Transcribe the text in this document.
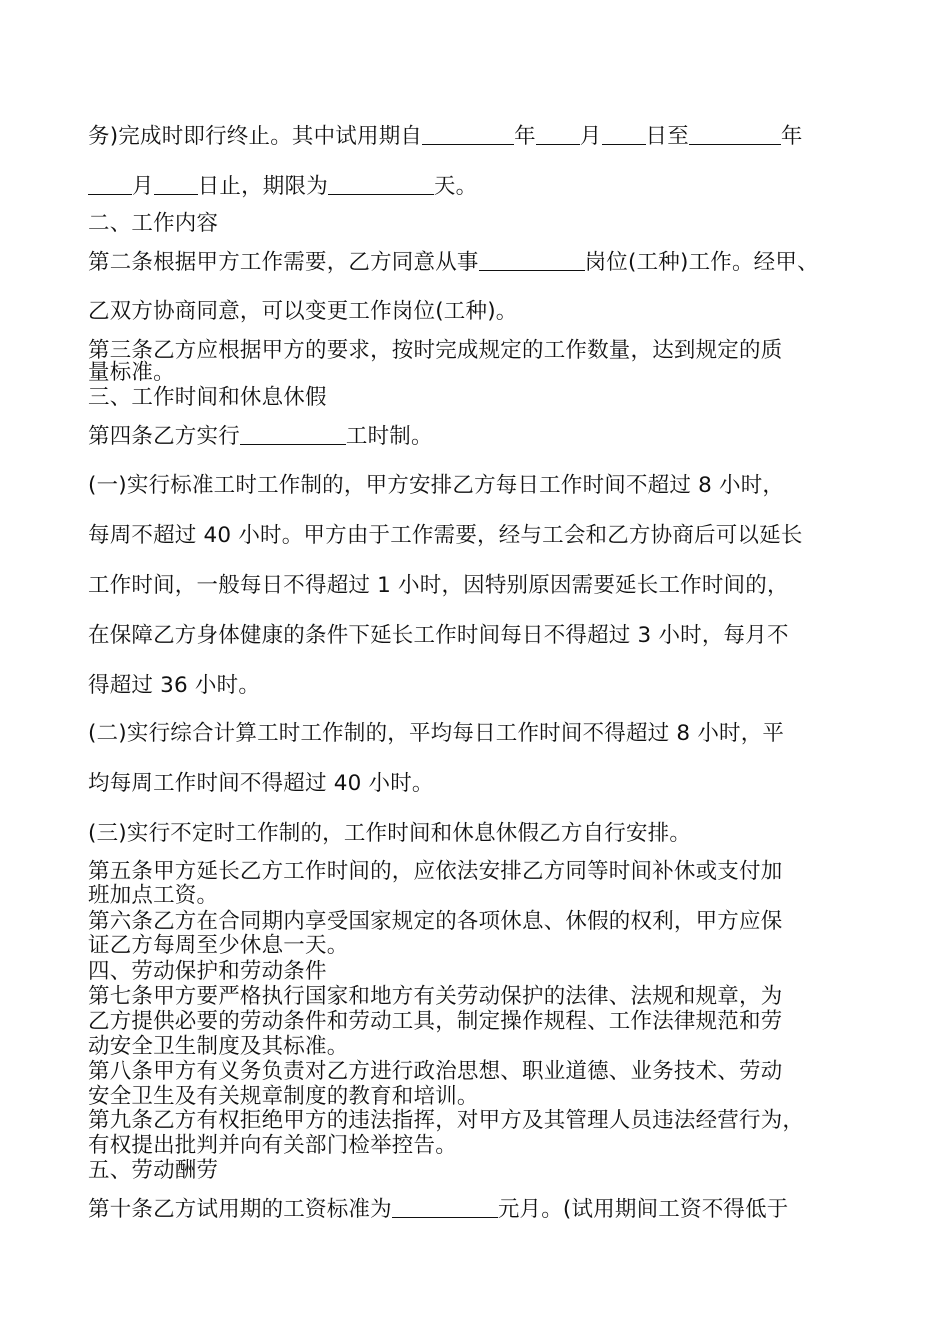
务)完成时即行终止。其中试用期自	年 月 日至	年
月 日止，期限为	天。
二、工作内容
第二条根据甲方工作需要，乙方同意从事	岗位(工种)工作。经甲、
乙双方协商同意，可以变更工作岗位(工种)。
第三条乙方应根据甲方的要求，按时完成规定的工作数量，达到规定的质
量标准。
三、工作时间和休息休假
第四条乙方实行	工时制。
(一)实行标准工时工作制的，甲方安排乙方每日工作时间不超过 8 小时，
每周不超过 40 小时。甲方由于工作需要，经与工会和乙方协商后可以延长
工作时间，一般每日不得超过 1 小时，因特别原因需要延长工作时间的，
在保障乙方身体健康的条件下延长工作时间每日不得超过 3 小时，每月不
得超过 36 小时。
(二)实行综合计算工时工作制的，平均每日工作时间不得超过 8 小时，平
均每周工作时间不得超过 40 小时。
(三)实行不定时工作制的，工作时间和休息休假乙方自行安排。
第五条甲方延长乙方工作时间的，应依法安排乙方同等时间补休或支付加
班加点工资。
第六条乙方在合同期内享受国家规定的各项休息、休假的权利，甲方应保
证乙方每周至少休息一天。
四、劳动保护和劳动条件
第七条甲方要严格执行国家和地方有关劳动保护的法律、法规和规章，为
乙方提供必要的劳动条件和劳动工具，制定操作规程、工作法律规范和劳
动安全卫生制度及其标准。
第八条甲方有义务负责对乙方进行政治思想、职业道德、业务技术、劳动
安全卫生及有关规章制度的教育和培训。
第九条乙方有权拒绝甲方的违法指挥，对甲方及其管理人员违法经营行为，
有权提出批判并向有关部门检举控告。
五、劳动酬劳
第十条乙方试用期的工资标准为	元月。(试用期间工资不得低于
